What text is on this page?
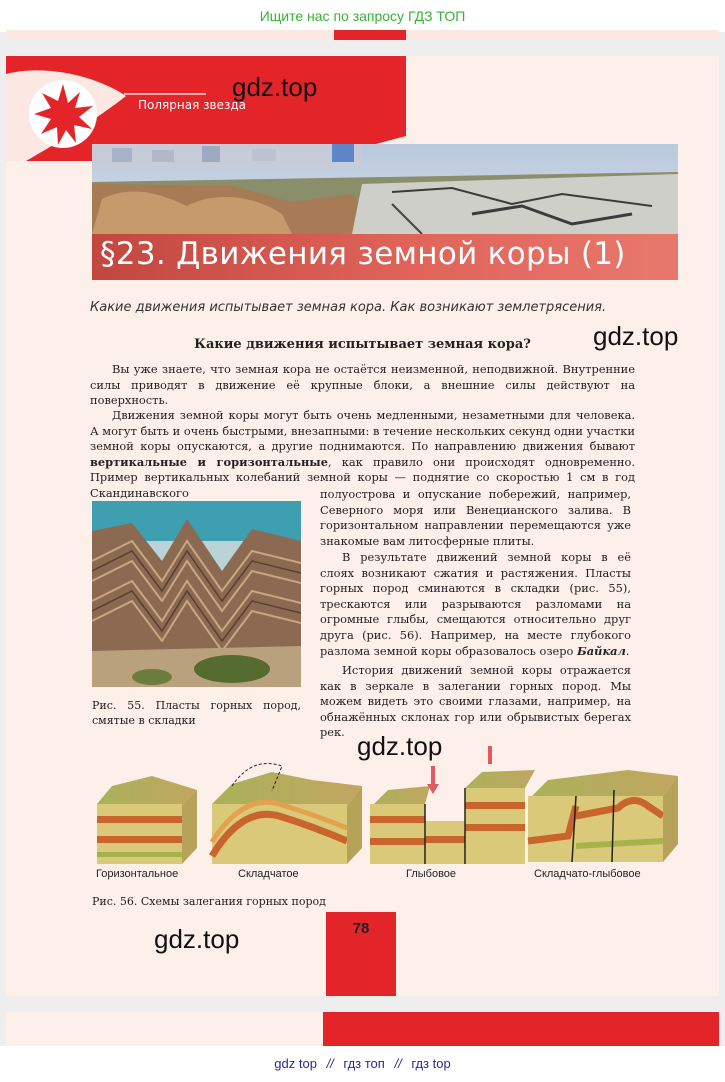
Ищите нас по запросу ГДЗ ТОП
Полярная звезда
gdz.top
§23. Движения земной коры (1)
gdz.top
Какие движения испытывает земная кора. Как возникают землетрясения.
Какие движения испытывает земная кора?
Вы уже знаете, что земная кора не остаётся неизменной, неподвижной. Внутренние силы приводят в движение её крупные блоки, а внешние силы действуют на поверхность.
Движения земной коры могут быть очень медленными, незаметными для человека. А могут быть и очень быстрыми, внезапными: в течение нескольких секунд одни участки земной коры опускаются, а другие поднимаются. По направлению движения бывают вертикальные и горизонтальные, как правило они происходят одновременно. Пример вертикальных колебаний земной коры — поднятие со скоростью 1 см в год Скандинавского
Рис. 55. Пласты горных пород, смятые в складки
полуострова и опускание побережий, например, Северного моря или Венецианского залива. В горизонтальном направлении перемещаются уже знакомые вам литосферные плиты.
В результате движений земной коры в её слоях возникают сжатия и растяжения. Пласты горных пород сминаются в складки (рис. 55), трескаются или разрываются разломами на огромные глыбы, смещаются относительно друг друга (рис. 56). Например, на месте глубокого разлома земной коры образовалось озеро Байкал.
История движений земной коры отражается как в зеркале в залегании горных пород. Мы можем видеть это своими глазами, например, на обнажённых склонах гор или обрывистых берегах рек. gdz.top
Горизонтальное	Складчатое	Глыбовое	Складчато-глыбовое
Рис. 56. Схемы залегания горных пород
78
gdz.top
gdz top // гдз топ // гдз top
